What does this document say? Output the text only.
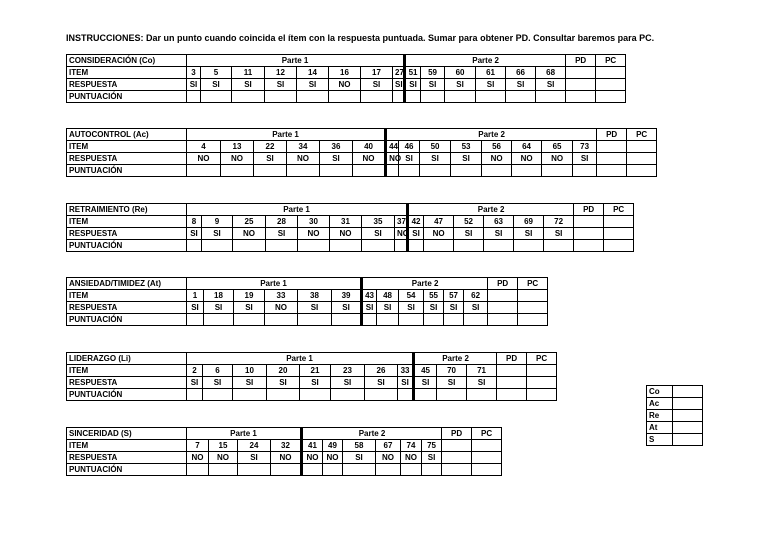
INSTRUCCIONES: Dar un punto cuando coincida el ítem con la respuesta puntuada. Sumar para obtener PD. Consultar baremos para PC.
CONSIDERACIÓN (Co)	Parte 1								Parte 2						PD	PC
ITEM	3	5	11	12	14	16	17	27	51	59	60	61	66	68		
RESPUESTA	SI	SI	SI	SI	SI	NO	SI	SI	SI	SI	SI	SI	SI	SI		
PUNTUACIÓN																
AUTOCONTROL (Ac)	Parte 1						Parte 2								PD	PC
ITEM	4	13	22	34	36	40	44	46	50	53	56	64	65	73		
RESPUESTA	NO	NO	SI	NO	SI	NO	NO	SI	SI	SI	NO	NO	NO	SI		
PUNTUACIÓN																
RETRAIMIENTO (Re)	Parte 1								Parte 2						PD	PC
ITEM	8	9	25	28	30	31	35	37	42	47	52	63	69	72		
RESPUESTA	SI	SI	NO	SI	NO	NO	SI	NO	SI	NO	SI	SI	SI	SI		
PUNTUACIÓN																
ANSIEDAD/TIMIDEZ (At)	Parte 1						Parte 2						PD	PC
ITEM	1	18	19	33	38	39	43	48	54	55	57	62		
RESPUESTA	SI	SI	SI	NO	SI	SI	SI	SI	SI	SI	SI	SI		
PUNTUACIÓN														
LIDERAZGO (Li)	Parte 1								Parte 2			PD	PC
ITEM	2	6	10	20	21	23	26	33	45	70	71		
RESPUESTA	SI	SI	SI	SI	SI	SI	SI	SI	SI	SI	SI		
PUNTUACIÓN													
SINCERIDAD (S)	Parte 1				Parte 2						PD	PC
ITEM	7	15	24	32	41	49	58	67	74	75		
RESPUESTA	NO	NO	SI	NO	NO	NO	SI	NO	NO	SI		
PUNTUACIÓN												
Co	
Ac	
Re	
At	
S	
